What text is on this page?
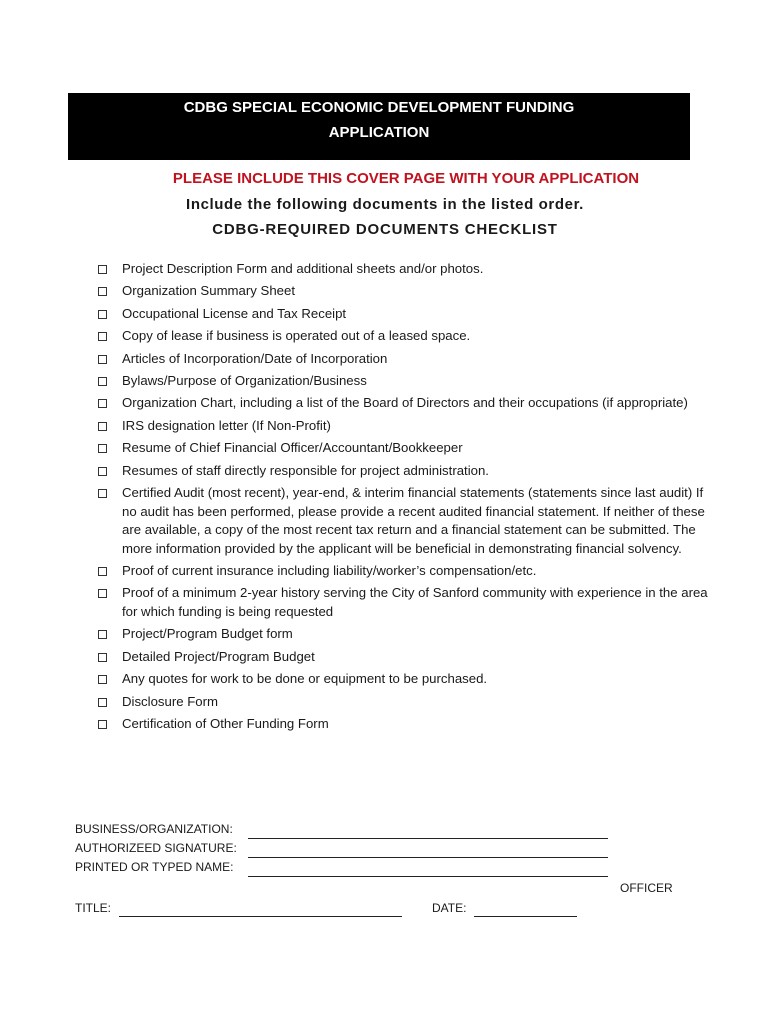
CDBG SPECIAL ECONOMIC DEVELOPMENT FUNDING
APPLICATION
PLEASE INCLUDE THIS COVER PAGE WITH YOUR APPLICATION
Include the following documents in the listed order.
CDBG-REQUIRED DOCUMENTS CHECKLIST
Project Description Form and additional sheets and/or photos.
Organization Summary Sheet
Occupational License and Tax Receipt
Copy of lease if business is operated out of a leased space.
Articles of Incorporation/Date of Incorporation
Bylaws/Purpose of Organization/Business
Organization Chart, including a list of the Board of Directors and their occupations (if appropriate)
IRS designation letter (If Non-Profit)
Resume of Chief Financial Officer/Accountant/Bookkeeper
Resumes of staff directly responsible for project administration.
Certified Audit (most recent), year-end, & interim financial statements (statements since last audit) If no audit has been performed, please provide a recent audited financial statement. If neither of these are available, a copy of the most recent tax return and a financial statement can be submitted. The more information provided by the applicant will be beneficial in demonstrating financial solvency.
Proof of current insurance including liability/worker’s compensation/etc.
Proof of a minimum 2-year history serving the City of Sanford community with experience in the area for which funding is being requested
Project/Program Budget form
Detailed Project/Program Budget
Any quotes for work to be done or equipment to be purchased.
Disclosure Form
Certification of Other Funding Form
BUSINESS/ORGANIZATION:
AUTHORIZEED SIGNATURE:
PRINTED OR TYPED NAME:
OFFICER
TITLE:	DATE:
